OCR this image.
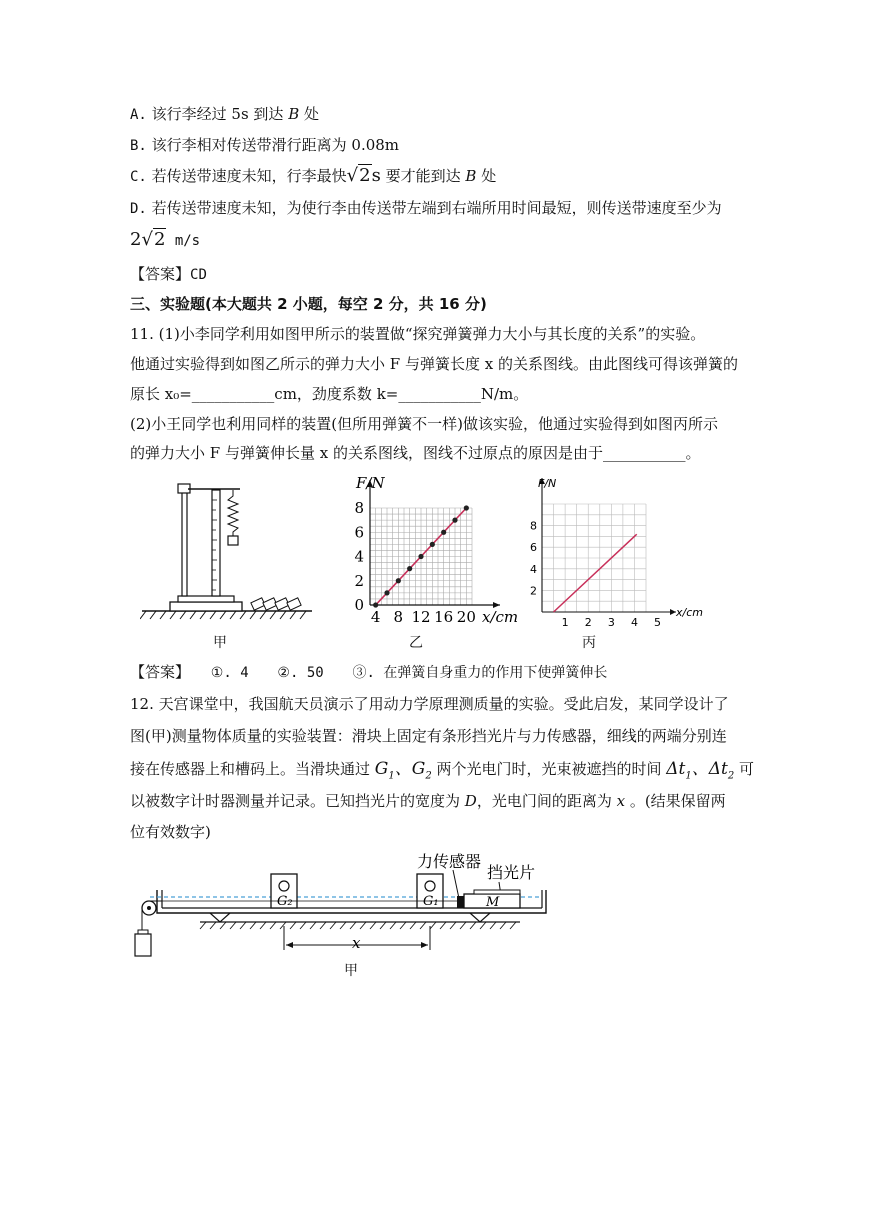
A. 该行李经过 5s 到达 B 处
B. 该行李相对传送带滑行距离为 0.08m
C. 若传送带速度未知，行李最快√2s 要才能到达 B 处
D. 若传送带速度未知，为使行李由传送带左端到右端所用时间最短，则传送带速度至少为
2√2 m/s
【答案】CD
三、实验题(本大题共 2 小题，每空 2 分，共 16 分)
11. (1)小李同学利用如图甲所示的装置做“探究弹簧弹力大小与其长度的关系”的实验。
他通过实验得到如图乙所示的弹力大小 F 与弹簧长度 x 的关系图线。由此图线可得该弹簧的
原长 x₀=___________cm，劲度系数 k=___________N/m。
(2)小王同学也利用同样的装置(但所用弹簧不一样)做该实验，他通过实验得到如图丙所示
的弹力大小 F 与弹簧伸长量 x 的关系图线，图线不过原点的原因是由于___________。
甲
4 8 12 16 20
0
2
4
6
8
F/N
x/cm
乙
1 2 3 4 5
2
4
6
8
F/N
x/cm
丙
【答案】 ①. 4 ②. 50 ③. 在弹簧自身重力的作用下使弹簧伸长
12. 天宫课堂中，我国航天员演示了用动力学原理测质量的实验。受此启发，某同学设计了
图(甲)测量物体质量的实验装置：滑块上固定有条形挡光片与力传感器，细线的两端分别连
接在传感器上和槽码上。当滑块通过 $G_1$、$G_2$ 两个光电门时，光束被遮挡的时间 $\Delta t_1$、$\Delta t_2$ 可
以被数字计时器测量并记录。已知挡光片的宽度为 D，光电门间的距离为 x 。(结果保留两
位有效数字)
力传感器
挡光片
G₂	G₁	M
x
甲
